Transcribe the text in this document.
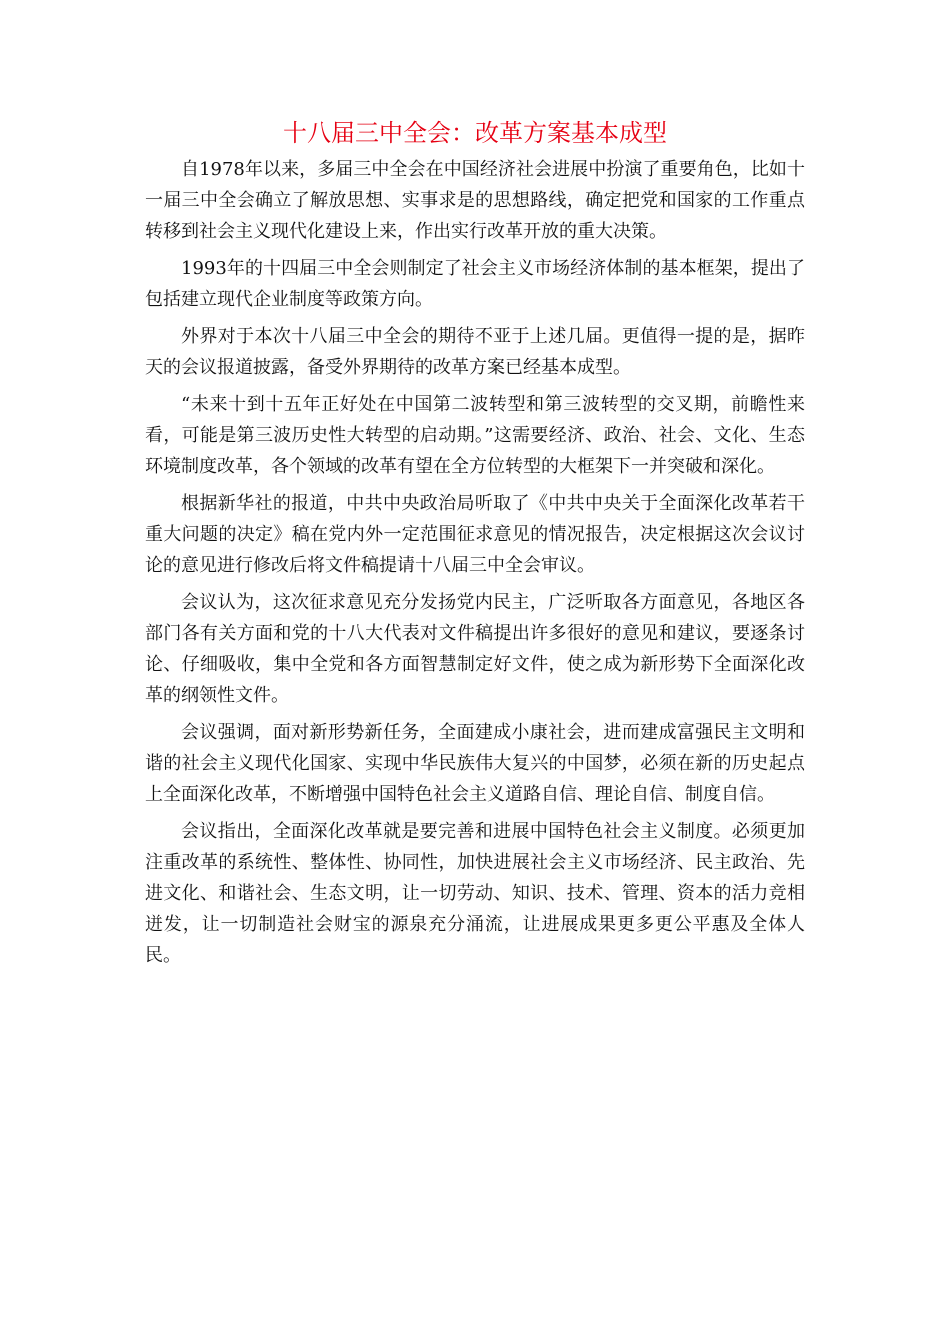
十八届三中全会：改革方案基本成型

自1978年以来，多届三中全会在中国经济社会进展中扮演了重要角色，比如十一届三中全会确立了解放思想、实事求是的思想路线，确定把党和国家的工作重点转移到社会主义现代化建设上来，作出实行改革开放的重大决策。

1993年的十四届三中全会则制定了社会主义市场经济体制的基本框架，提出了包括建立现代企业制度等政策方向。

外界对于本次十八届三中全会的期待不亚于上述几届。更值得一提的是，据昨天的会议报道披露，备受外界期待的改革方案已经基本成型。

“未来十到十五年正好处在中国第二波转型和第三波转型的交叉期，前瞻性来看，可能是第三波历史性大转型的启动期。”这需要经济、政治、社会、文化、生态环境制度改革，各个领域的改革有望在全方位转型的大框架下一并突破和深化。

根据新华社的报道，中共中央政治局听取了《中共中央关于全面深化改革若干重大问题的决定》稿在党内外一定范围征求意见的情况报告，决定根据这次会议讨论的意见进行修改后将文件稿提请十八届三中全会审议。

会议认为，这次征求意见充分发扬党内民主，广泛听取各方面意见，各地区各部门各有关方面和党的十八大代表对文件稿提出许多很好的意见和建议，要逐条讨论、仔细吸收，集中全党和各方面智慧制定好文件，使之成为新形势下全面深化改革的纲领性文件。

会议强调，面对新形势新任务，全面建成小康社会，进而建成富强民主文明和谐的社会主义现代化国家、实现中华民族伟大复兴的中国梦，必须在新的历史起点上全面深化改革，不断增强中国特色社会主义道路自信、理论自信、制度自信。

会议指出，全面深化改革就是要完善和进展中国特色社会主义制度。必须更加注重改革的系统性、整体性、协同性，加快进展社会主义市场经济、民主政治、先进文化、和谐社会、生态文明，让一切劳动、知识、技术、管理、资本的活力竞相迸发，让一切制造社会财宝的源泉充分涌流，让进展成果更多更公平惠及全体人民。
